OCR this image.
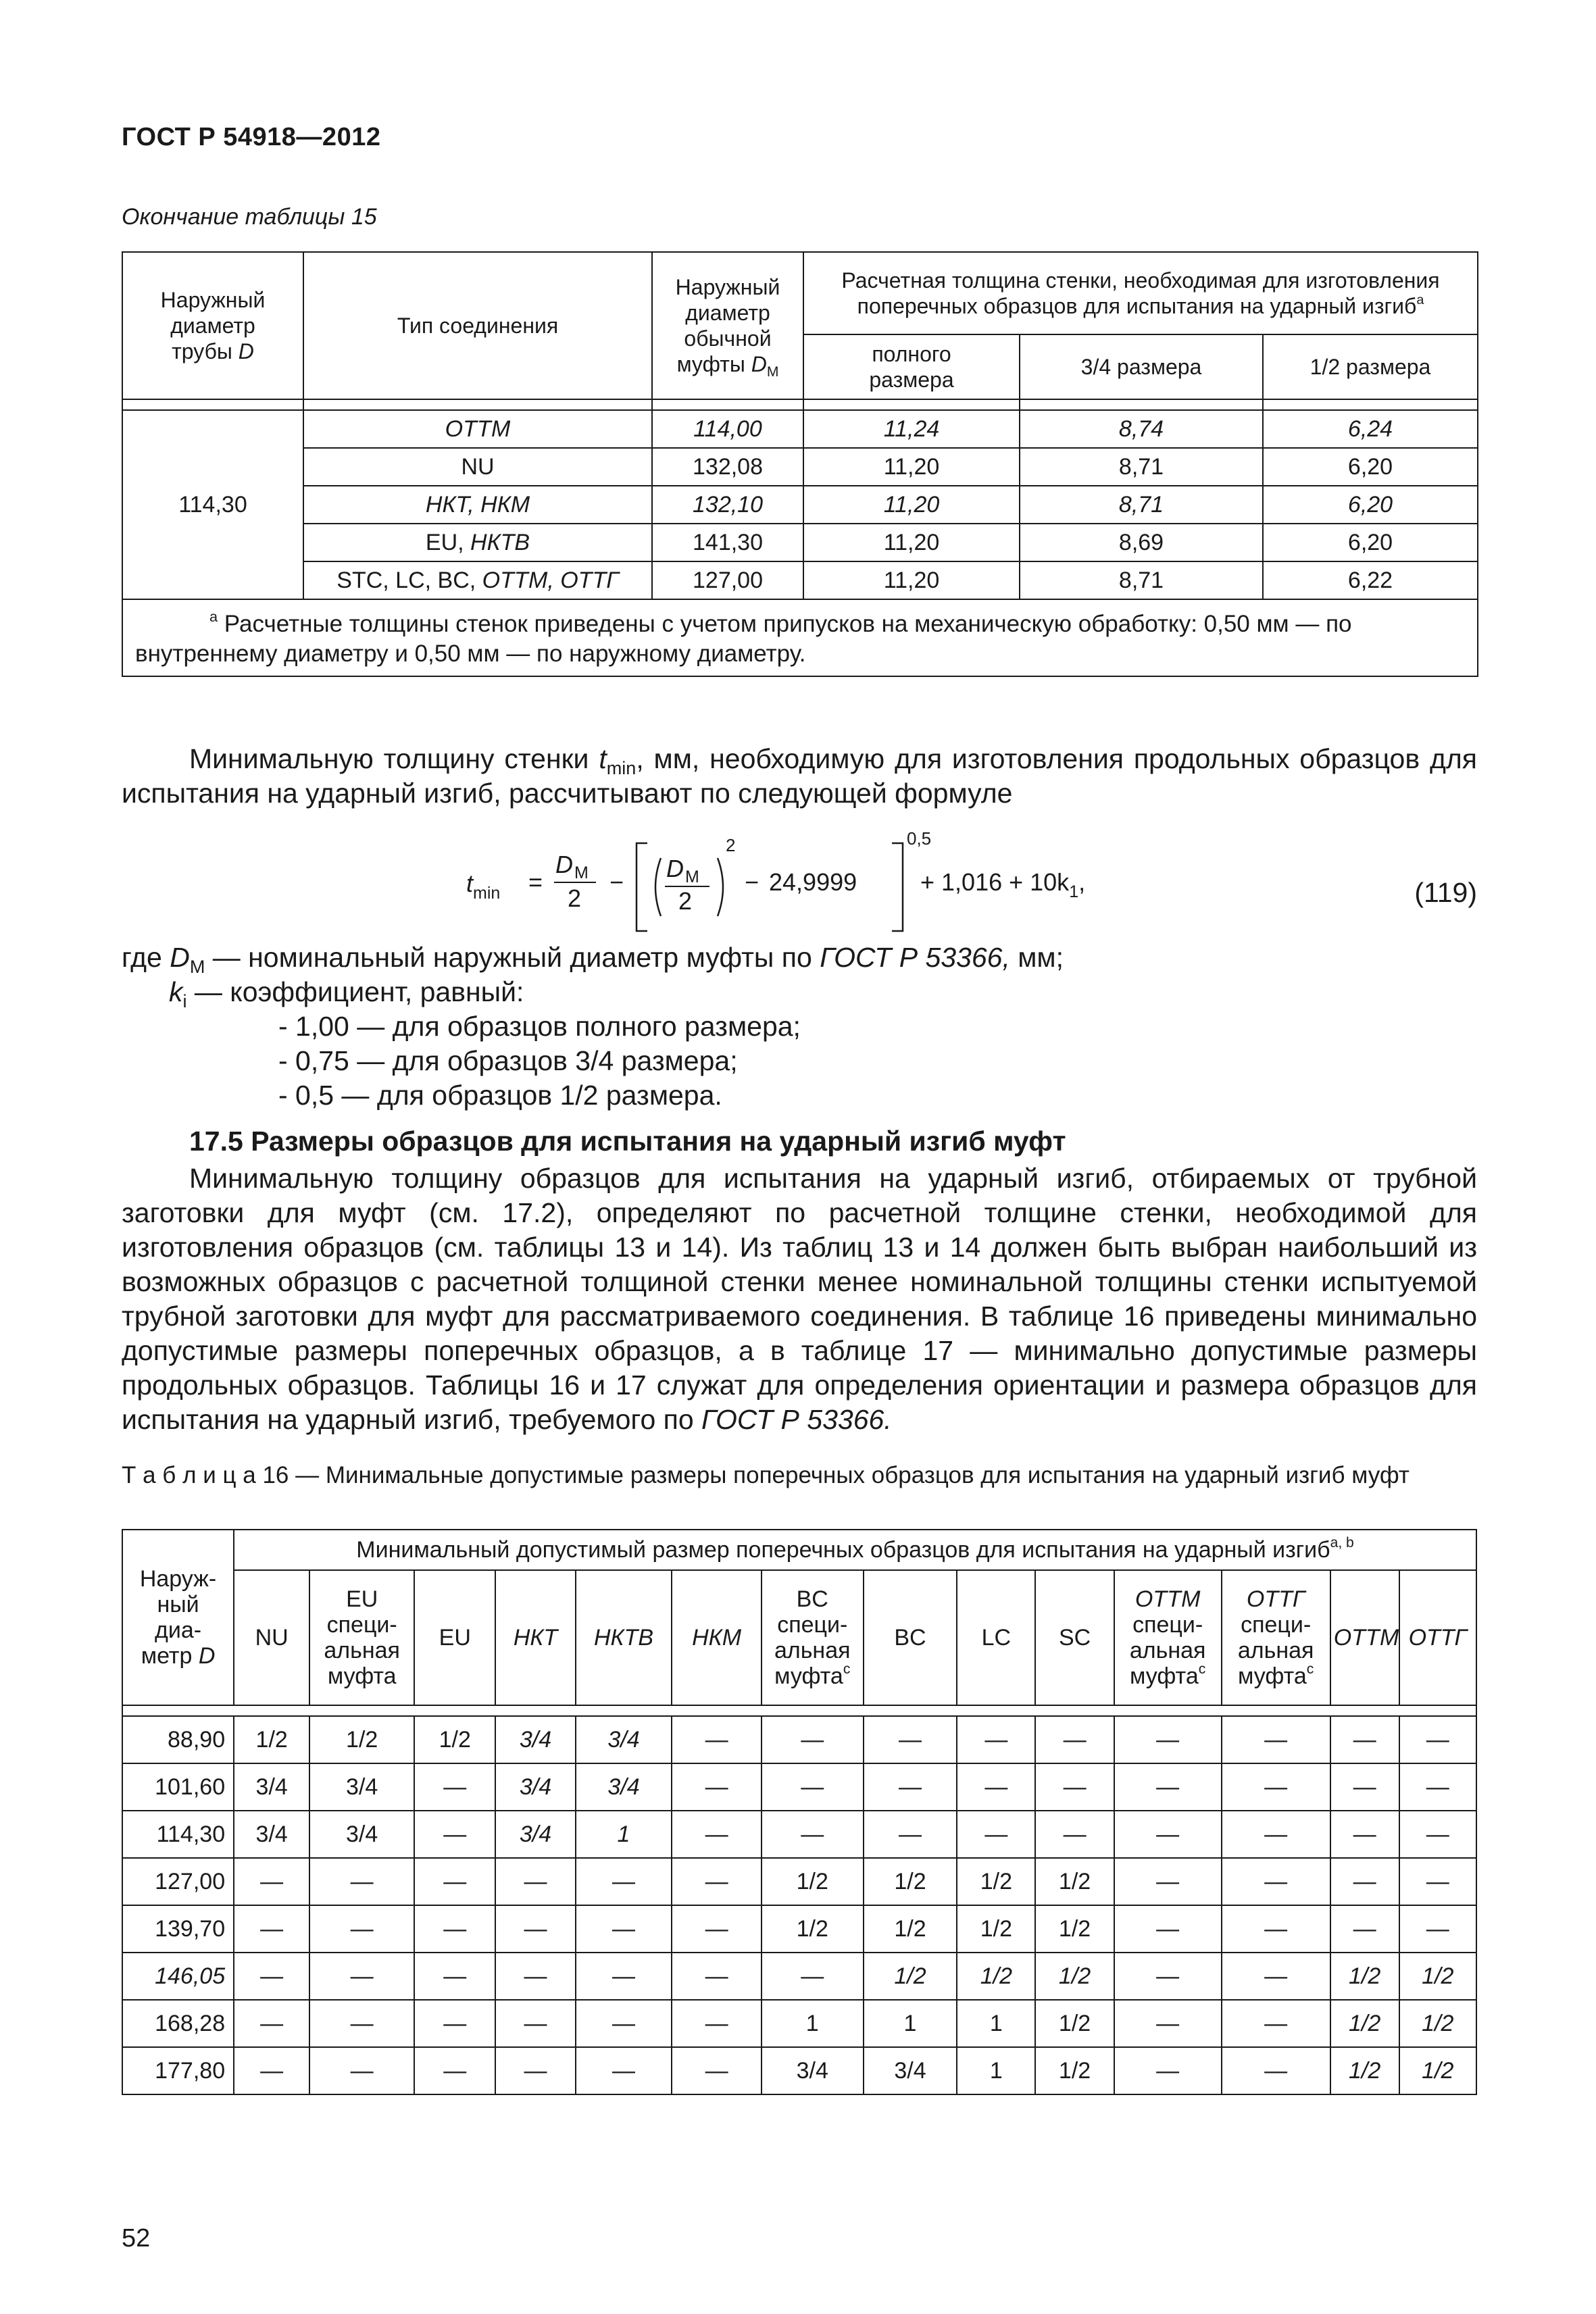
ГОСТ Р 54918—2012
Окончание таблицы 15
Наружный диаметр трубы D	Тип соединения	Наружный диаметр обычной муфты $D_M$	Расчетная толщина стенки, необходимая для изготовления поперечных образцов для испытания на ударный изгиб$^a$
			полного размера	3/4 размера	1/2 размера

114,30	ОТТМ	114,00	11,24	8,74	6,24
	NU	132,08	11,20	8,71	6,20
	НКТ, НКМ	132,10	11,20	8,71	6,20
	EU, НКТВ	141,30	11,20	8,69	6,20
	STC, LC, BC, ОТТМ, ОТТГ	127,00	11,20	8,71	6,22
$^a$ Расчетные толщины стенок приведены с учетом припусков на механическую обработку: 0,50 мм — по внутреннему диаметру и 0,50 мм — по наружному диаметру.					
Минимальную толщину стенки $t_{min}$, мм, необходимую для изготовления продольных образцов для испытания на ударный изгиб, рассчитывают по следующей формуле
$t_{min}$ =
D M
2
− D M
2
2
− 24,9999
0,5
+ $1,016 + 10k_1$,	(119)
где $D_M$ — номинальный наружный диаметр муфты по ГОСТ Р 53366, мм;
$k_i$ — коэффициент, равный:
- 1,00 — для образцов полного размера;
- 0,75 — для образцов 3/4 размера;
- 0,5 — для образцов 1/2 размера.
17.5 Размеры образцов для испытания на ударный изгиб муфт
Минимальную толщину образцов для испытания на ударный изгиб, отбираемых от трубной заготовки для муфт (см. 17.2), определяют по расчетной толщине стенки, необходимой для изготовления образцов (см. таблицы 13 и 14). Из таблиц 13 и 14 должен быть выбран наибольший из возможных образцов с расчетной толщиной стенки менее номинальной толщины стенки испытуемой трубной заготовки для муфт для рассматриваемого соединения. В таблице 16 приведены минимально допустимые размеры поперечных образцов, а в таблице 17 — минимально допустимые размеры продольных образцов. Таблицы 16 и 17 служат для определения ориентации и размера образцов для испытания на ударный изгиб, требуемого по ГОСТ Р 53366.
Т а б л и ц а 16 — Минимальные допустимые размеры поперечных образцов для испытания на ударный изгиб муфт
Наруж- ный диа- метр D	Минимальный допустимый размер поперечных образцов для испытания на ударный изгиб$^{a, b}$
	NU	EU
специ-
альная
муфта	EU	НКТ	НКТВ	НКМ	BC
специ-
альная
муфта$^c$	BC	LC	SC	ОТТМ
специ-
альная
муфта$^c$	ОТТГ
специ-
альная
муфта$^c$	ОТТМ	ОТТГ

88,90	1/2	1/2	1/2	3/4	3/4	—	—	—	—	—	—	—	—	—
101,60	3/4	3/4	—	3/4	3/4	—	—	—	—	—	—	—	—	—
114,30	3/4	3/4	—	3/4	1	—	—	—	—	—	—	—	—	—
127,00	—	—	—	—	—	—	1/2	1/2	1/2	1/2	—	—	—	—
139,70	—	—	—	—	—	—	1/2	1/2	1/2	1/2	—	—	—	—
146,05	—	—	—	—	—	—	—	1/2	1/2	1/2	—	—	1/2	1/2
168,28	—	—	—	—	—	—	1	1	1	1/2	—	—	1/2	1/2
177,80	—	—	—	—	—	—	3/4	3/4	1	1/2	—	—	1/2	1/2
52
